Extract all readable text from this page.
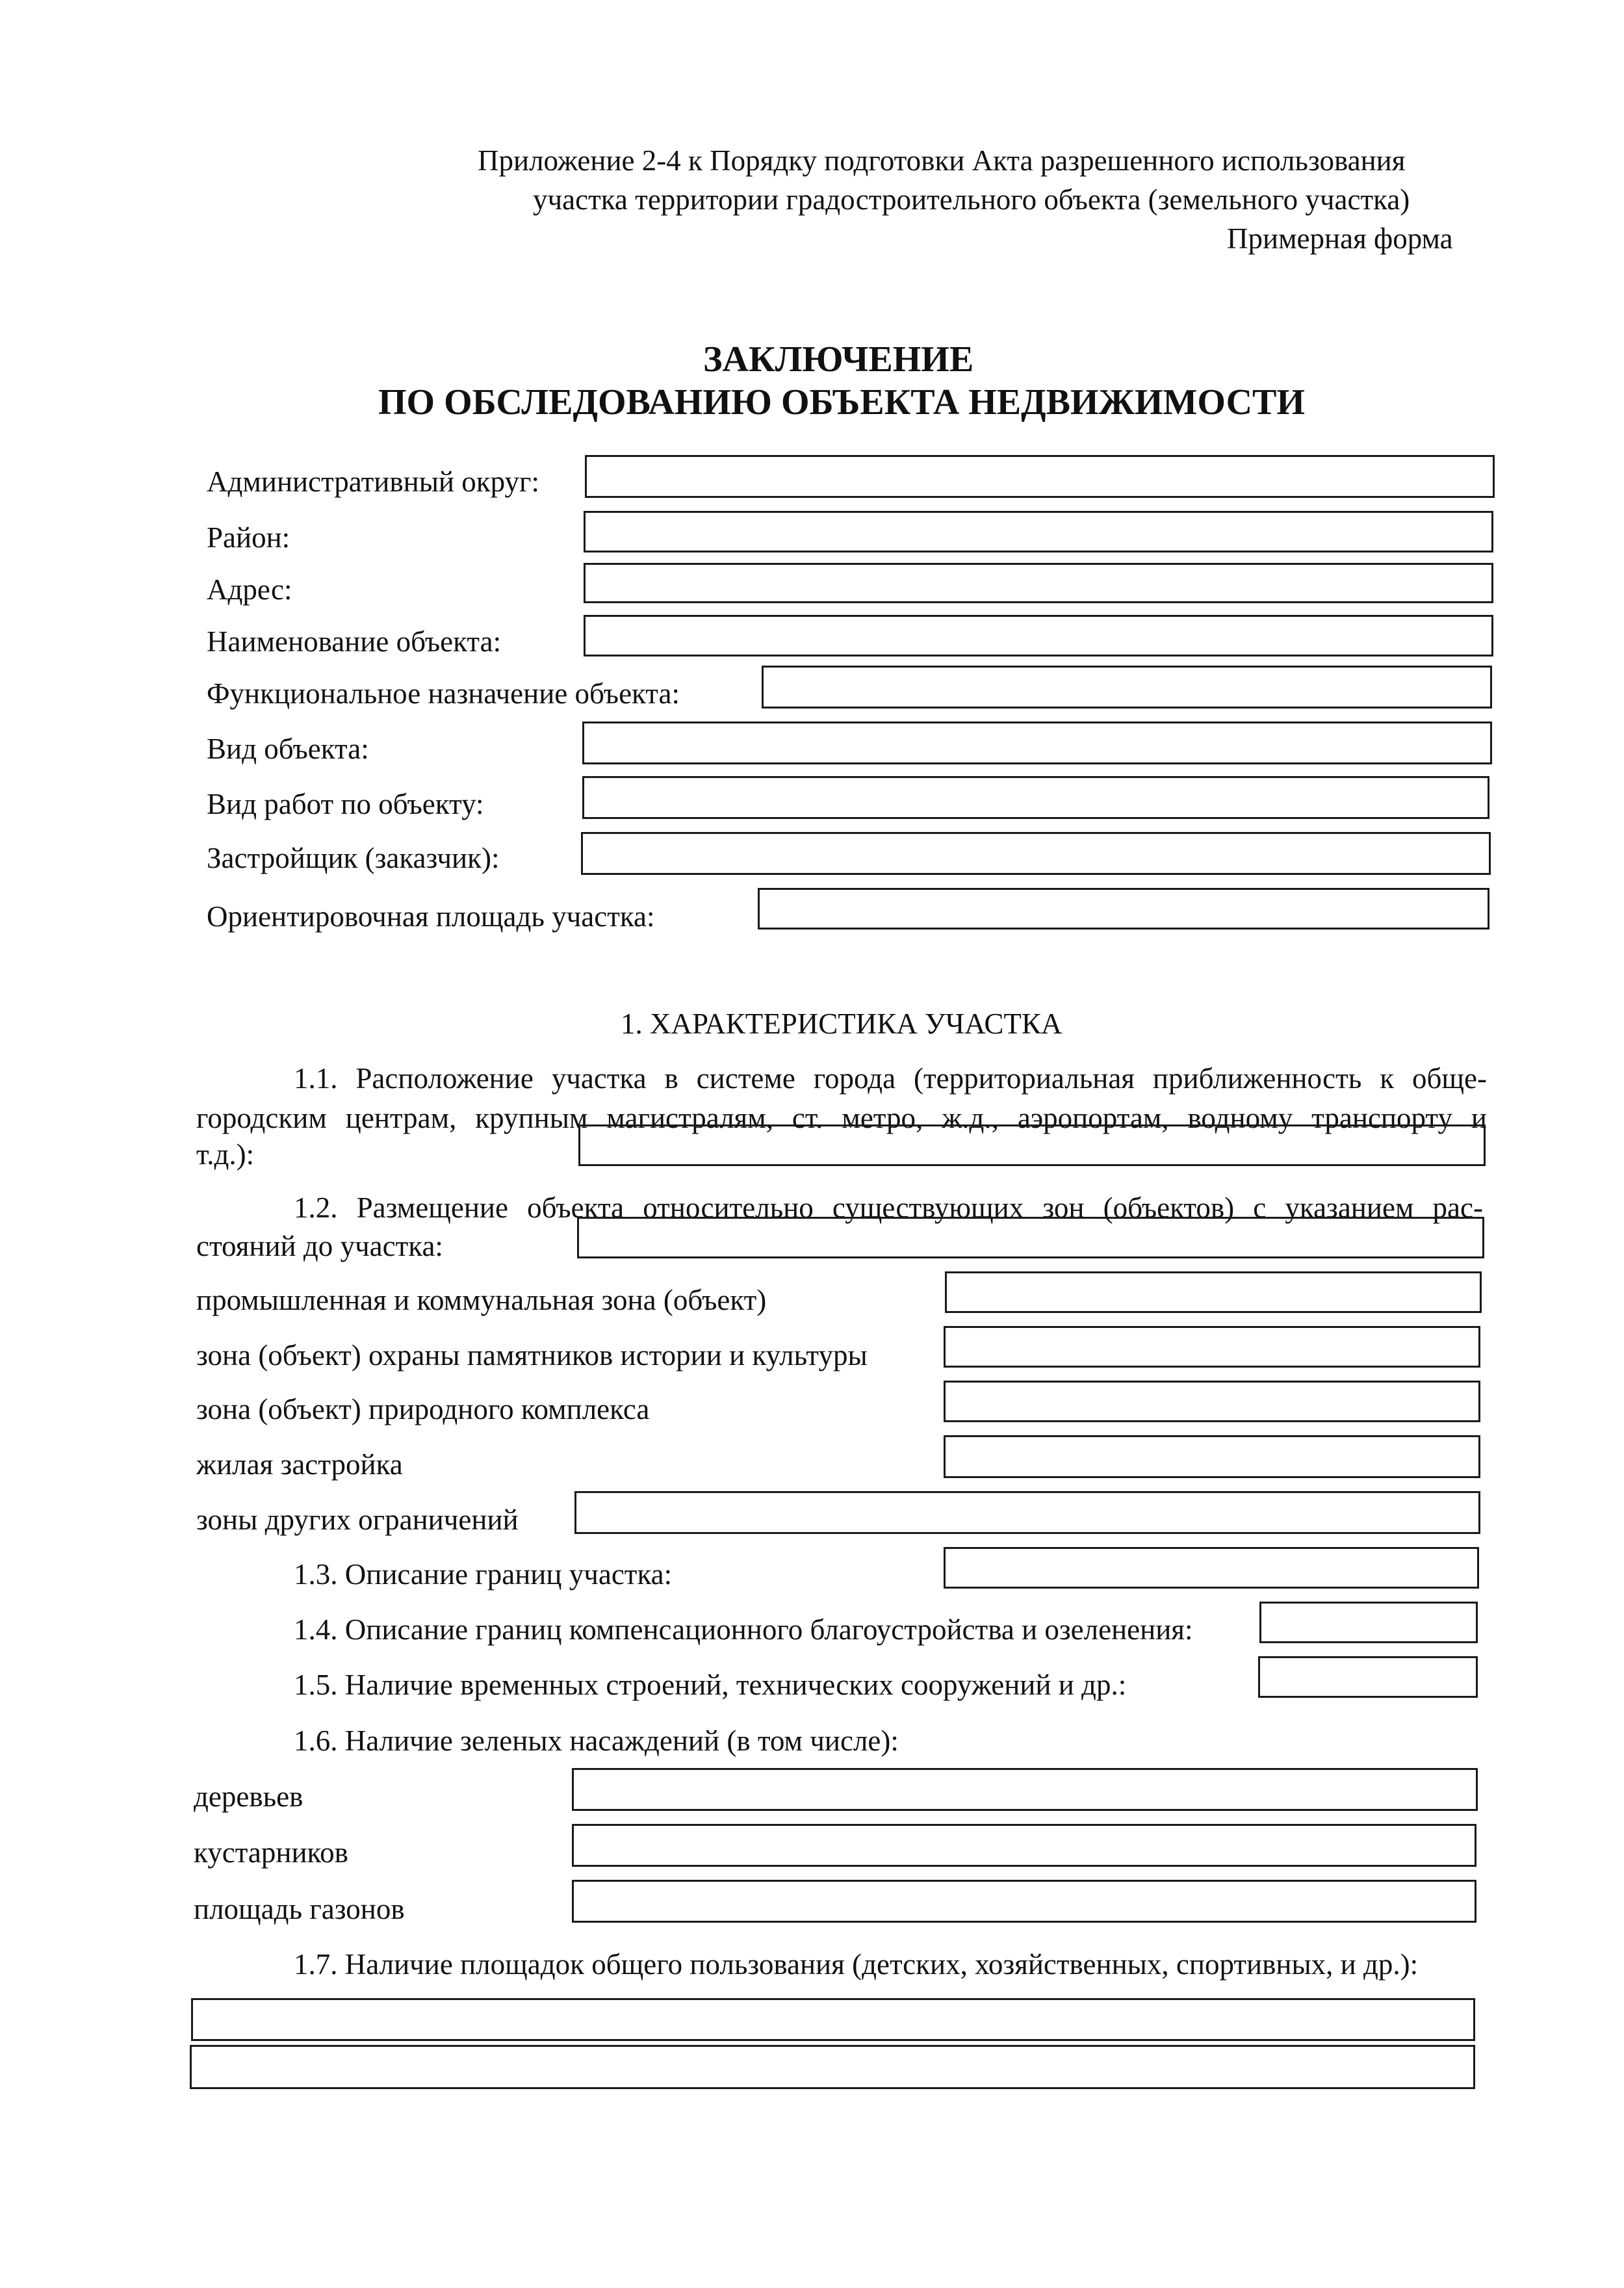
Приложение 2-4 к Порядку подготовки Акта разрешенного использования
участка территории градостроительного объекта (земельного участка)
Примерная форма
ЗАКЛЮЧЕНИЕ
ПО ОБСЛЕДОВАНИЮ ОБЪЕКТА НЕДВИЖИМОСТИ
Административный округ:
Район:
Адрес:
Наименование объекта:
Функциональное назначение объекта:
Вид объекта:
Вид работ по объекту:
Застройщик (заказчик):
Ориентировочная площадь участка:
1. ХАРАКТЕРИСТИКА УЧАСТКА
1.1. Расположение участка в системе города (территориальная приближенность к обще-
городским центрам, крупным магистралям, ст. метро, ж.д., аэропортам, водному транспорту и
т.д.):
1.2. Размещение объекта относительно существующих зон (объектов) с указанием рас-
стояний до участка:
промышленная и коммунальная зона (объект)
зона (объект) охраны памятников истории и культуры
зона (объект) природного комплекса
жилая застройка
зоны других ограничений
1.3. Описание границ участка:
1.4. Описание границ компенсационного благоустройства и озеленения:
1.5. Наличие временных строений, технических сооружений и др.:
1.6. Наличие зеленых насаждений (в том числе):
деревьев
кустарников
площадь газонов
1.7. Наличие площадок общего пользования (детских, хозяйственных, спортивных, и др.):
